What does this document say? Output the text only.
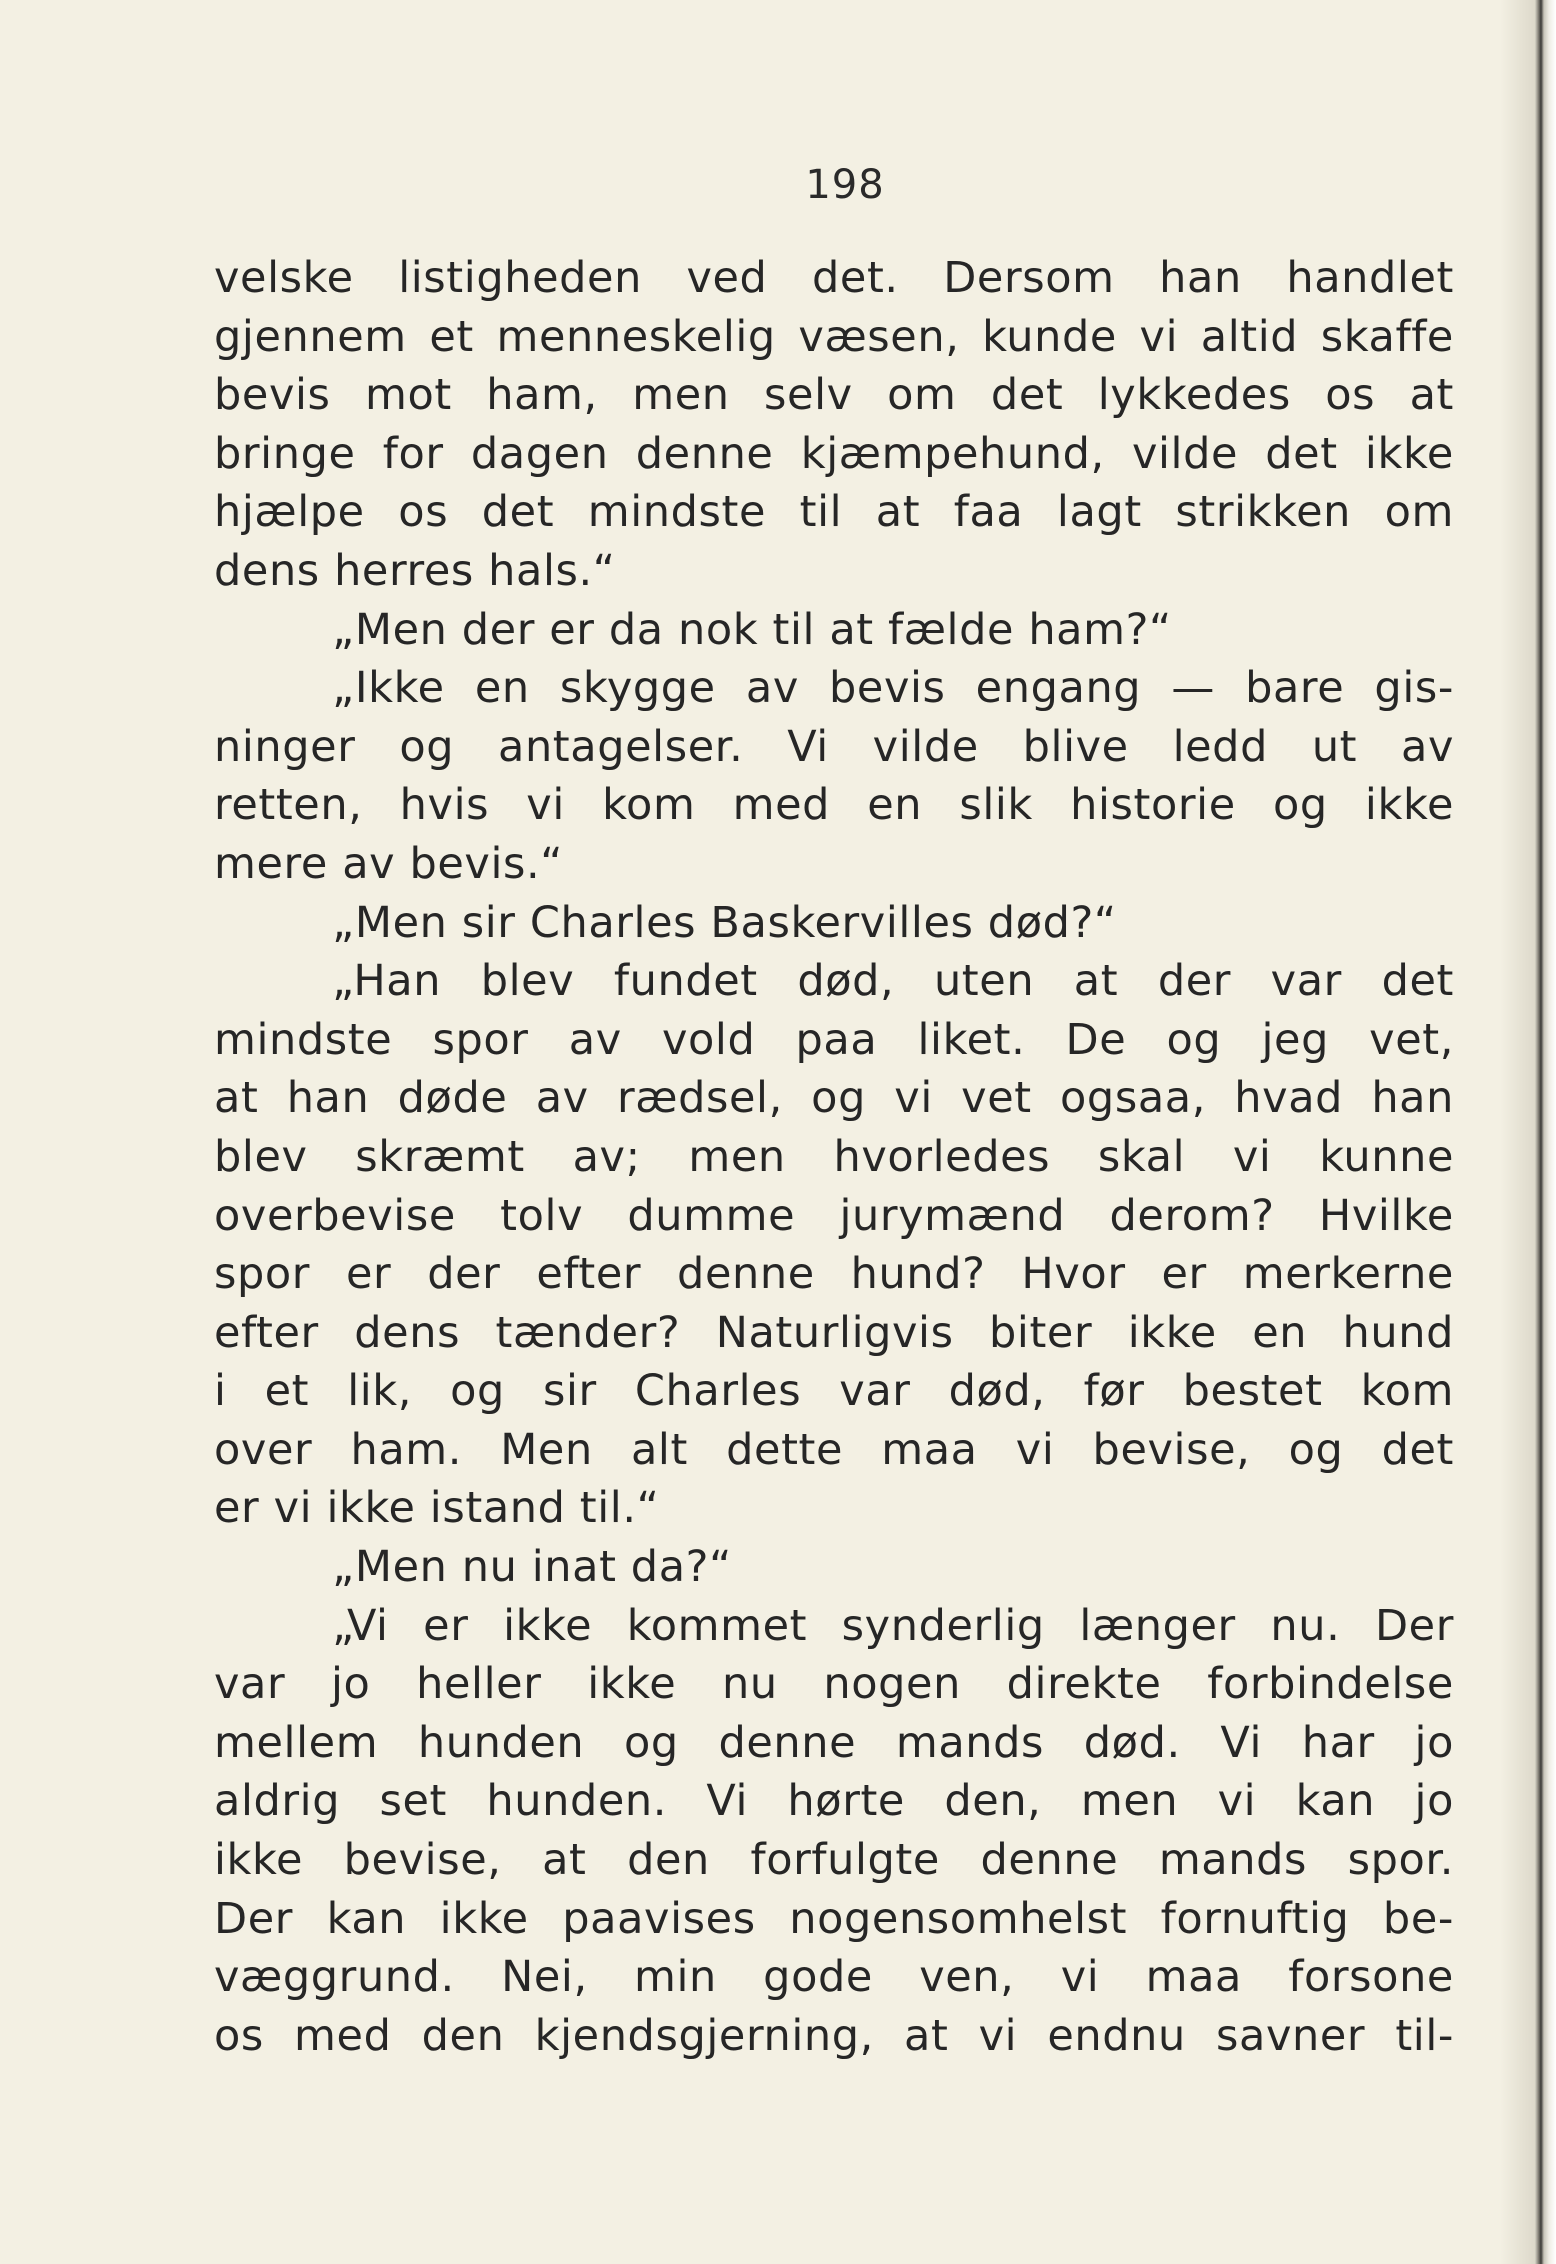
198
velske listigheden ved det. Dersom han handlet
gjennem et menneskelig væsen, kunde vi altid skaffe
bevis mot ham, men selv om det lykkedes os at
bringe for dagen denne kjæmpehund, vilde det ikke
hjælpe os det mindste til at faa lagt strikken om
dens herres hals.“
„Men der er da nok til at fælde ham?“
„Ikke en skygge av bevis engang — bare gis-
ninger og antagelser. Vi vilde blive ledd ut av
retten, hvis vi kom med en slik historie og ikke
mere av bevis.“
„Men sir Charles Baskervilles død?“
„Han blev fundet død, uten at der var det
mindste spor av vold paa liket. De og jeg vet,
at han døde av rædsel, og vi vet ogsaa, hvad han
blev skræmt av; men hvorledes skal vi kunne
overbevise tolv dumme jurymænd derom? Hvilke
spor er der efter denne hund? Hvor er merkerne
efter dens tænder? Naturligvis biter ikke en hund
i et lik, og sir Charles var død, før bestet kom
over ham. Men alt dette maa vi bevise, og det
er vi ikke istand til.“
„Men nu inat da?“
„Vi er ikke kommet synderlig længer nu. Der
var jo heller ikke nu nogen direkte forbindelse
mellem hunden og denne mands død. Vi har jo
aldrig set hunden. Vi hørte den, men vi kan jo
ikke bevise, at den forfulgte denne mands spor.
Der kan ikke paavises nogensomhelst fornuftig be-
væggrund. Nei, min gode ven, vi maa forsone
os med den kjendsgjerning, at vi endnu savner til-
